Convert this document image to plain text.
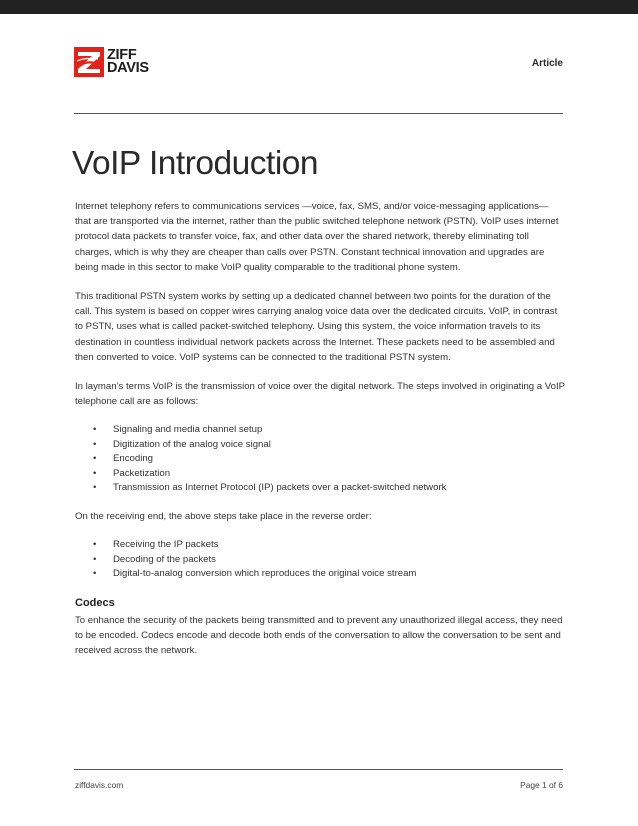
ZIFF
DAVIS	Article
VoIP Introduction

Internet telephony refers to communications services —voice, fax, SMS, and/or voice-messaging applications— that are transported via the internet, rather than the public switched telephone network (PSTN). VoIP uses internet protocol data packets to transfer voice, fax, and other data over the shared network, thereby eliminating toll charges, which is why they are cheaper than calls over PSTN. Constant technical innovation and upgrades are being made in this sector to make VoIP quality comparable to the traditional phone system.

This traditional PSTN system works by setting up a dedicated channel between two points for the duration of the call. This system is based on copper wires carrying analog voice data over the dedicated circuits. VoIP, in contrast to PSTN, uses what is called packet-switched telephony. Using this system, the voice information travels to its destination in countless individual network packets across the Internet. These packets need to be assembled and then converted to voice. VoIP systems can be connected to the traditional PSTN system.

In layman’s terms VoIP is the transmission of voice over the digital network. The steps involved in originating a VoIP telephone call are as follows:

• Signaling and media channel setup
• Digitization of the analog voice signal
• Encoding
• Packetization
• Transmission as Internet Protocol (IP) packets over a packet-switched network

On the receiving end, the above steps take place in the reverse order:

• Receiving the IP packets
• Decoding of the packets
• Digital-to-analog conversion which reproduces the original voice stream
Codecs

To enhance the security of the packets being transmitted and to prevent any unauthorized illegal access, they need to be encoded. Codecs encode and decode both ends of the conversation to allow the conversation to be sent and received across the network.

ziffdavis.com	Page 1 of 6
